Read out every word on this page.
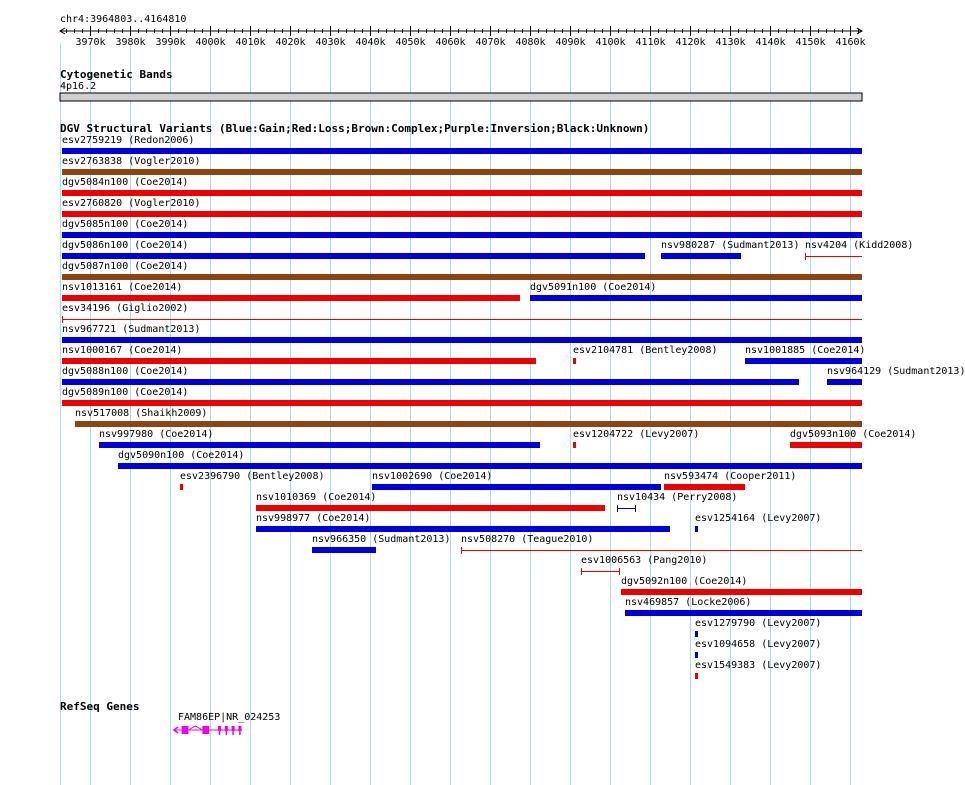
3970k 3980k 3990k 4000k 4010k 4020k 4030k 4040k 4050k 4060k 4070k 4080k 4090k 4100k 4110k 4120k 4130k 4140k 4150k 4160k
chr4:3964803..4164810
Cytogenetic Bands
4p16.2
DGV Structural Variants (Blue:Gain;Red:Loss;Brown:Complex;Purple:Inversion;Black:Unknown)
esv2759219 (Redon2006)
esv2763838 (Vogler2010)
dgv5084n100 (Coe2014)
esv2760820 (Vogler2010)
dgv5085n100 (Coe2014)
dgv5086n100 (Coe2014)	nsv980287 (Sudmant2013) nsv4204 (Kidd2008)
dgv5087n100 (Coe2014)
nsv1013161 (Coe2014)	dgv5091n100 (Coe2014)
esv34196 (Giglio2002)
nsv967721 (Sudmant2013)
nsv1000167 (Coe2014)	esv2104781 (Bentley2008)	nsv1001885 (Coe2014)
dgv5088n100 (Coe2014)	nsv964129 (Sudmant2013)
dgv5089n100 (Coe2014)
nsv517008 (Shaikh2009)
nsv997980 (Coe2014)	esv1204722 (Levy2007)	dgv5093n100 (Coe2014)
dgv5090n100 (Coe2014)
esv2396790 (Bentley2008)	nsv1002690 (Coe2014)	nsv593474 (Cooper2011)
nsv1010369 (Coe2014)	nsv10434 (Perry2008)
nsv998977 (Coe2014)	esv1254164 (Levy2007)
nsv966350 (Sudmant2013) nsv508270 (Teague2010)
esv1006563 (Pang2010)
dgv5092n100 (Coe2014)
nsv469857 (Locke2006)
esv1279790 (Levy2007)
esv1094658 (Levy2007)
esv1549383 (Levy2007)
RefSeq Genes
FAM86EP|NR_024253
